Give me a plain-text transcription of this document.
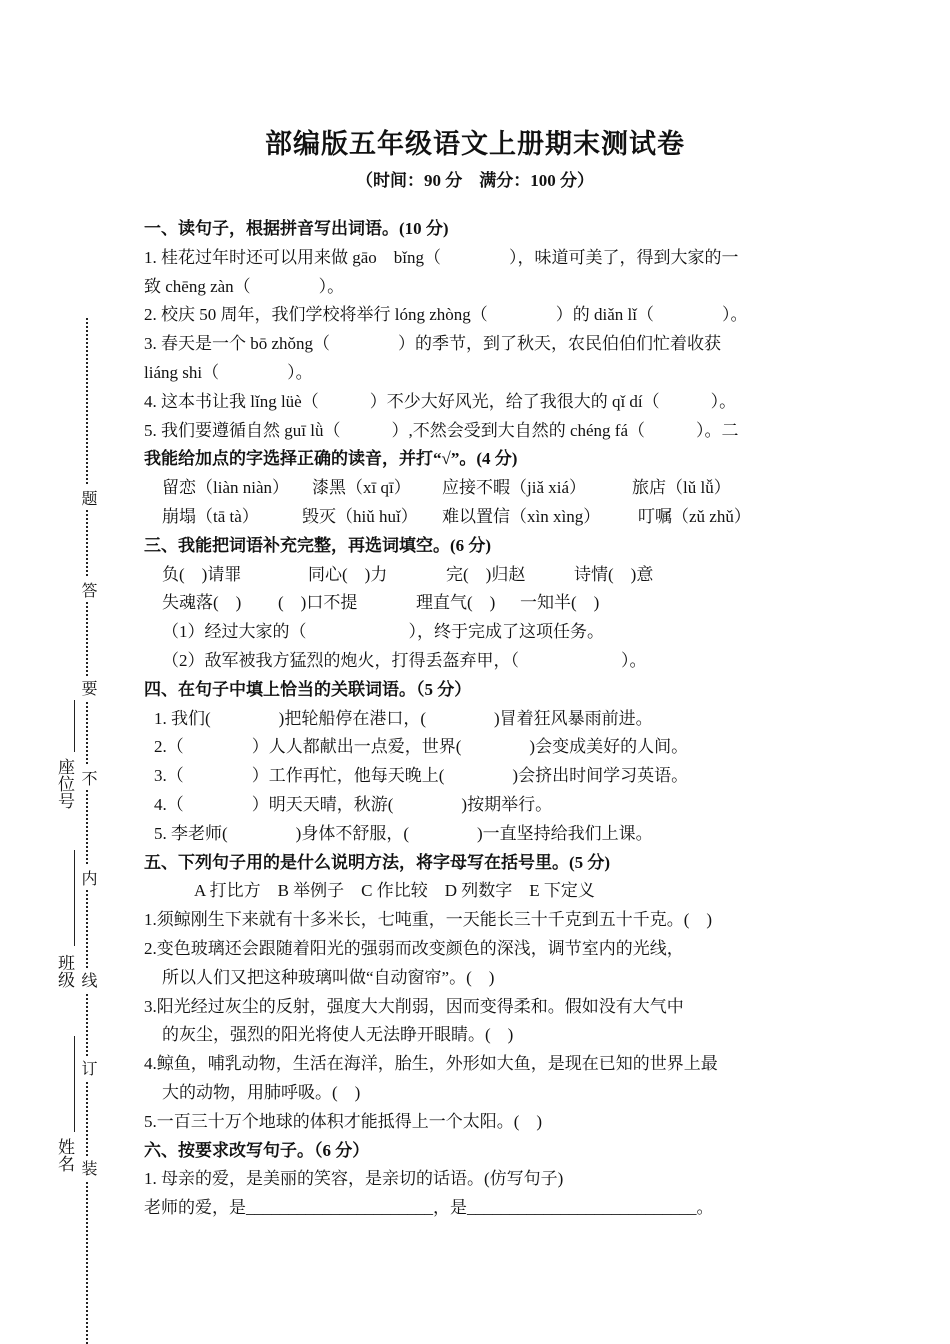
题
答
要
不
内
线
订
装
座位号
班级
姓名
部编版五年级语文上册期末测试卷
（时间：90 分　满分：100 分）
一、读句子，根据拼音写出词语。(10 分)
1. 桂花过年时还可以用来做 gāo　bǐng（　　　　），味道可美了，得到大家的一
致 chēng zàn（　　　　）。
2. 校庆 50 周年，我们学校将举行 lóng zhòng（　　　　）的 diǎn lǐ（　　　　）。
3. 春天是一个 bō zhǒng（　　　　）的季节，到了秋天，农民伯伯们忙着收获
liáng shi（　　　　）。
4. 这本书让我 lǐng lüè（　　　）不少大好风光，给了我很大的 qǐ dí（　　　）。
5. 我们要遵循自然 guī lǜ（　　　）,不然会受到大自然的 chéng fá（　　　）。二
我能给加点的字选择正确的读音，并打“√”。(4 分)
留恋（liàn niàn） 漆黑（xī qī） 应接不暇（jiǎ xiá）	旅店（lǔ lǚ）
崩塌（tā tà）	毁灭（hiǔ huǐ） 难以置信（xìn xìng） 叮嘱（zǔ zhǔ）
三、我能把词语补充完整，再选词填空。(6 分)
负(　)请罪	同心(　)力	完(　)归赵	诗情(　)意
失魂落(　) (　)口不提	理直气(　) 一知半(　)
（1）经过大家的（　　　　　　），终于完成了这项任务。
（2）敌军被我方猛烈的炮火，打得丢盔弃甲，（　　　　　　）。
四、在句子中填上恰当的关联词语。（5 分）
1. 我们(　　　　)把轮船停在港口，(　　　　)冒着狂风暴雨前进。
2.（　　　　）人人都献出一点爱，世界(　　　　)会变成美好的人间。
3.（　　　　）工作再忙，他每天晚上(　　　　)会挤出时间学习英语。
4.（　　　　）明天天晴，秋游(　　　　)按期举行。
5. 李老师(　　　　)身体不舒服，(　　　　)一直坚持给我们上课。
五、下列句子用的是什么说明方法，将字母写在括号里。(5 分)
A 打比方　B 举例子　C 作比较　D 列数字　E 下定义
1.须鲸刚生下来就有十多米长，七吨重，一天能长三十千克到五十千克。(　)
2.变色玻璃还会跟随着阳光的强弱而改变颜色的深浅，调节室内的光线，
所以人们又把这种玻璃叫做“自动窗帘”。(　)
3.阳光经过灰尘的反射，强度大大削弱，因而变得柔和。假如没有大气中
的灰尘，强烈的阳光将使人无法睁开眼睛。(　)
4.鲸鱼，哺乳动物，生活在海洋，胎生，外形如大鱼，是现在已知的世界上最
大的动物，用肺呼吸。(　)
5.一百三十万个地球的体积才能抵得上一个太阳。(　)
六、按要求改写句子。（6 分）
1. 母亲的爱，是美丽的笑容，是亲切的话语。(仿写句子)
老师的爱，是______________________，是___________________________。
